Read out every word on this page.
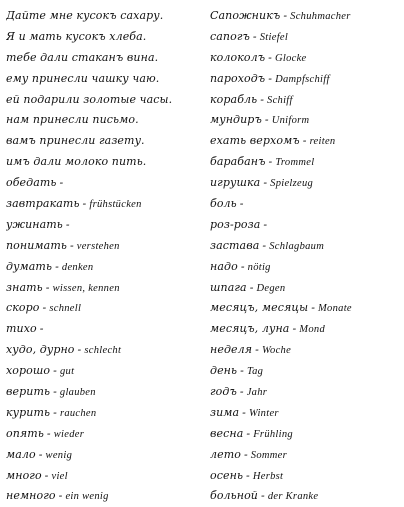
Дайте мне кусокъ сахару.
Я и мать кусокъ хлеба.
тебе дали стаканъ вина.
ему принесли чашку чаю.
ей подарили золотые часы.
нам принесли письмо.
вамъ принесли газету.
имъ дали молоко пить.
обедать -
завтракать - frühstücken
ужинать -
понимать - verstehen
думать - denken
знать - wissen, kennen
скоро - schnell
тихо -
худо, дурно - schlecht
хорошо - gut
верить - glauben
курить - rauchen
опять - wieder
мало - wenig
много - viel
немного - ein wenig
Сапожникъ - Schuhmacher
сапогъ - Stiefel
колоколъ - Glocke
пароходъ - Dampfschiff
корабль - Schiff
мундиръ - Uniform
ехать верхомъ - reiten
барабанъ - Trommel
игрушка - Spielzeug
боль -
роз-роза -
застава - Schlagbaum
надо - nötig
шпага - Degen
месяцъ, месяцы - Monate
месяцъ, луна - Mond
неделя - Woche
день - Tag
годъ - Jahr
зима - Winter
весна - Frühling
лето - Sommer
осень - Herbst
больной - der Kranke
